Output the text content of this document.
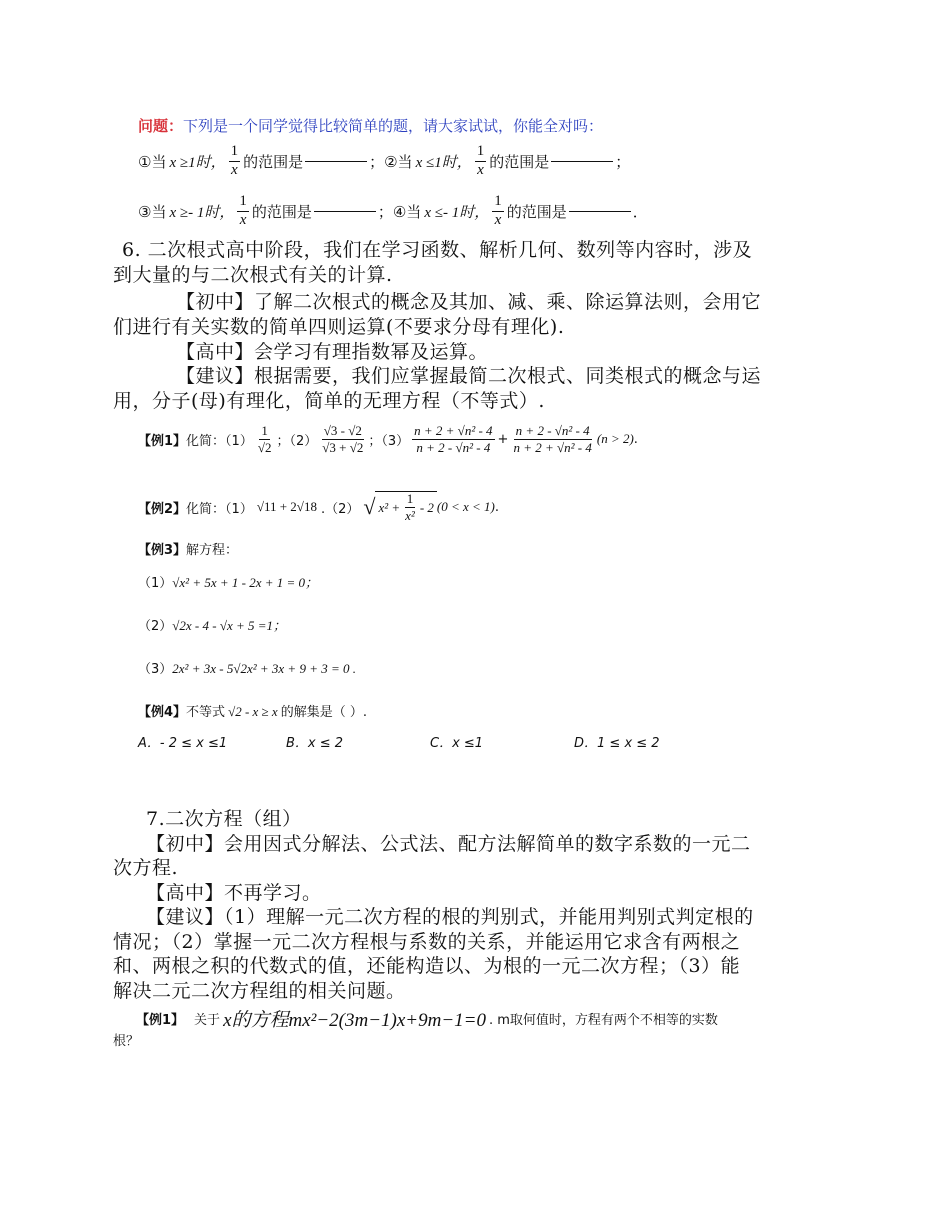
问题：下列是一个同学觉得比较简单的题，请大家试试，你能全对吗：
①当 x ≥1时， $\frac{1}{x}$ 的范围是	；②当 x ≤1时， $\frac{1}{x}$ 的范围是	；
③当 x ≥- 1时， $\frac{1}{x}$ 的范围是	；④当 x ≤- 1时， $\frac{1}{x}$ 的范围是	．
6. 二次根式高中阶段，我们在学习函数、解析几何、数列等内容时，涉及
到大量的与二次根式有关的计算.
【初中】了解二次根式的概念及其加、减、乘、除运算法则，会用它
们进行有关实数的简单四则运算(不要求分母有理化).
【高中】会学习有理指数幂及运算。
【建议】根据需要，我们应掌握最简二次根式、同类根式的概念与运
用，分子(母)有理化，简单的无理方程（不等式）.
【例1】 化简：$(1) \frac{1}{√2}$ ；$(2) \frac{√3 - √2}{√3 + √2}$ ；$(3) \frac{\text{n + 2 + √n² - 4}}{\text{n + 2 - √n² - 4}} + \frac{\text{n + 2 - √n² - 4}}{\text{n + 2 + √n² - 4}} (n > 2)$ .
【例2】 化简：（1） √11 + 2√18 .（2） √ $x^2 + \frac{1}{\text{x²}} - 2$ (0 < x < 1) .
【例3】解方程：
（1）√x² + 5x + 1 - 2x + 1 = 0；
（2）√2x - 4 - √x + 5 =1；
（3）2x² + 3x - 5√2x² + 3x + 9 + 3 = 0 .
【例4】不等式 √2 - x ≥ x 的解集是（ ）.
A．- 2 ≤ x ≤1	B．x ≤ 2	C．x ≤1	D．1 ≤ x ≤ 2
7.二次方程（组）
【初中】会用因式分解法、公式法、配方法解简单的数字系数的一元二
次方程.
【高中】不再学习。
【建议】（1）理解一元二次方程的根的判别式，并能用判别式判定根的
情况；（2）掌握一元二次方程根与系数的关系，并能运用它求含有两根之
和、两根之积的代数式的值，还能构造以、为根的一元二次方程；（3）能
解决二元二次方程组的相关问题。
【例1】 关于 x的方程mx²−2(3m−1)x+9m−1=0 . m取何值时，方程有两个不相等的实数
根？
